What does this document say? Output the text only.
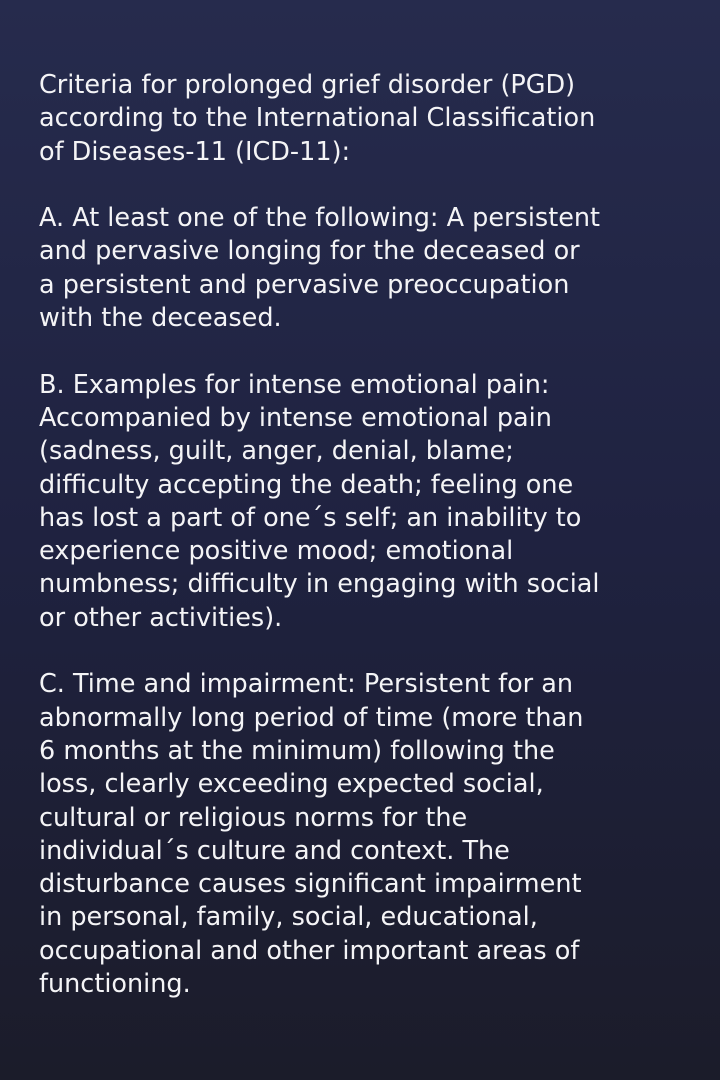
Criteria for prolonged grief disorder (PGD)
according to the International Classification
of Diseases-11 (ICD-11):

A. At least one of the following: A persistent
and pervasive longing for the deceased or
a persistent and pervasive preoccupation
with the deceased.

B. Examples for intense emotional pain:
Accompanied by intense emotional pain
(sadness, guilt, anger, denial, blame;
difficulty accepting the death; feeling one
has lost a part of one´s self; an inability to
experience positive mood; emotional
numbness; difficulty in engaging with social
or other activities).

C. Time and impairment: Persistent for an
abnormally long period of time (more than
6 months at the minimum) following the
loss, clearly exceeding expected social,
cultural or religious norms for the
individual´s culture and context. The
disturbance causes significant impairment
in personal, family, social, educational,
occupational and other important areas of
functioning.
